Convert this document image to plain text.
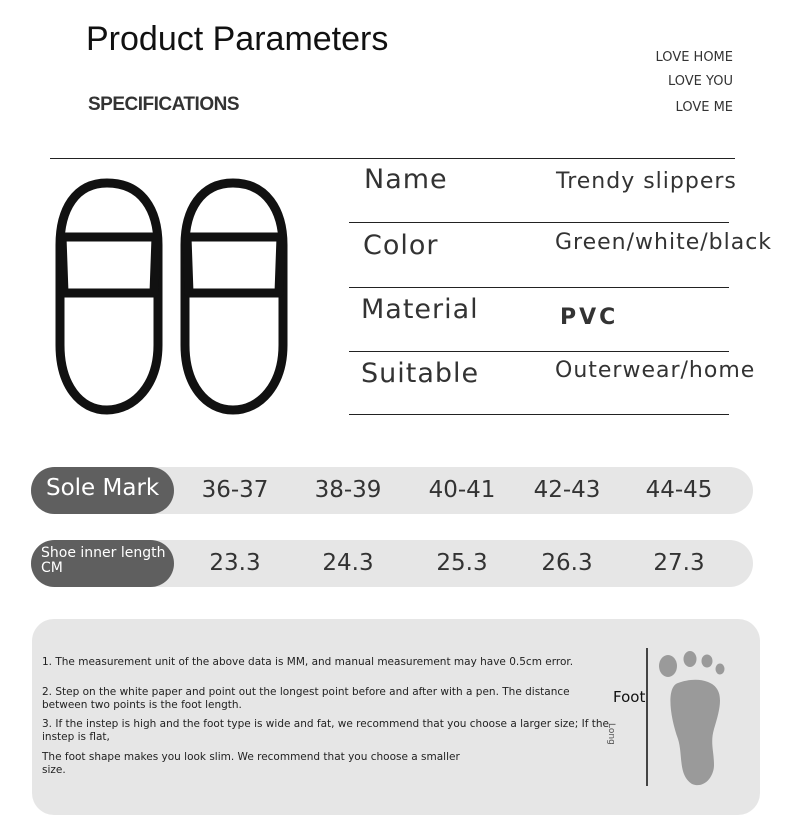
Product Parameters
SPECIFICATIONS
LOVE HOME
LOVE YOU
LOVE ME
Name	Trendy slippers
Color	Green/white/black
Material	PVC
Suitable	Outerwear/home
Sole Mark	36-37	38-39	40-41	42-43	44-45
Shoe inner length
CM	23.3	24.3	25.3	26.3	27.3
1. The measurement unit of the above data is MM, and manual measurement may have 0.5cm error.
2. Step on the white paper and point out the longest point before and after with a pen. The distance between two points is the foot length.
3. If the instep is high and the foot type is wide and fat, we recommend that you choose a larger size; If the instep is flat,
The foot shape makes you look slim. We recommend that you choose a smaller size.
Foot
Long
